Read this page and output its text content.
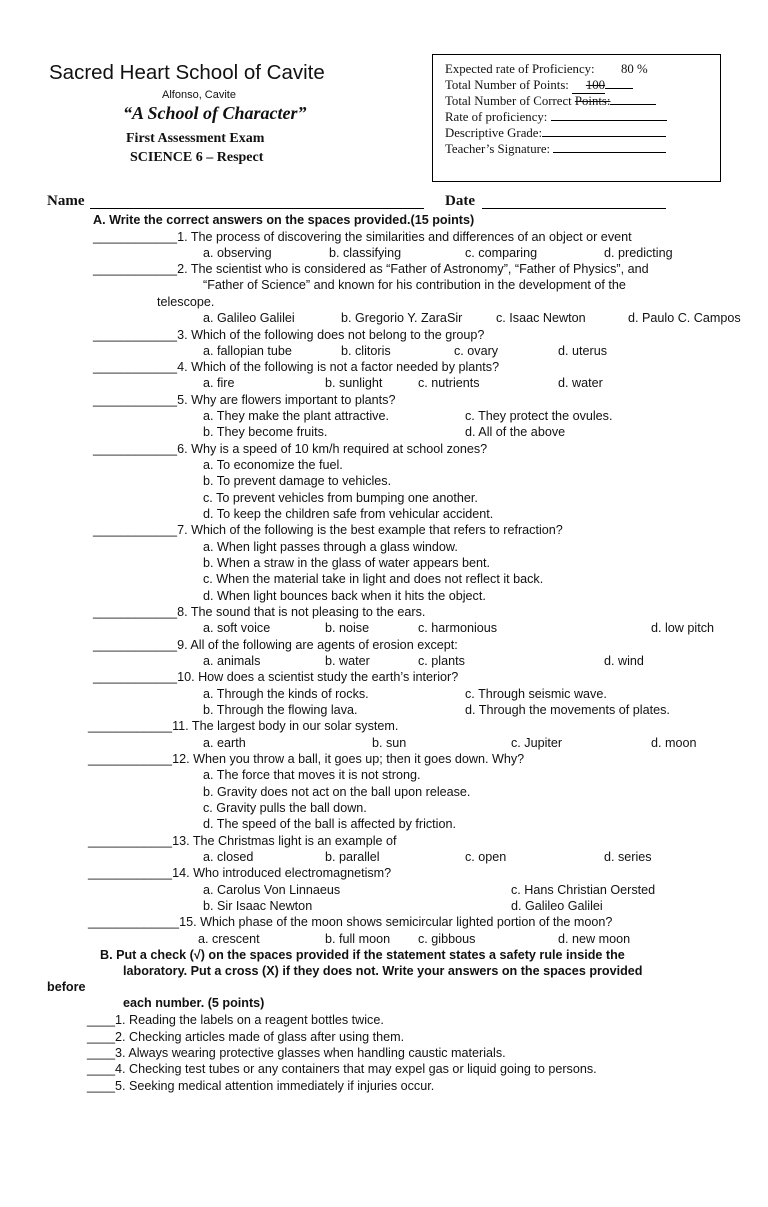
Sacred Heart School of Cavite
Alfonso, Cavite
“A School of Character”
First Assessment Exam
SCIENCE 6 – Respect
Expected rate of Proficiency: 80 %
Total Number of Points: 100
Total Number of Correct Points:
Rate of proficiency:
Descriptive Grade:
Teacher’s Signature:
Name	Date
A. Write the correct answers on the spaces provided.(15 points)
____________1. The process of discovering the similarities and differences of an object or event
a. observing	b. classifying	c. comparing	d. predicting
____________2. The scientist who is considered as “Father of Astronomy”, “Father of Physics”, and
“Father of Science” and known for his contribution in the development of the
telescope.
a. Galileo Galilei	b. Gregorio Y. ZaraSir	c. Isaac Newton	d. Paulo C. Campos
____________3. Which of the following does not belong to the group?
a. fallopian tube	b. clitoris	c. ovary	d. uterus
____________4. Which of the following is not a factor needed by plants?
a. fire	b. sunlight	c. nutrients	d. water
____________5. Why are flowers important to plants?
a. They make the plant attractive.	c. They protect the ovules.
b. They become fruits.	d. All of the above
____________6. Why is a speed of 10 km/h required at school zones?
a. To economize the fuel.
b. To prevent damage to vehicles.
c. To prevent vehicles from bumping one another.
d. To keep the children safe from vehicular accident.
____________7. Which of the following is the best example that refers to refraction?
a. When light passes through a glass window.
b. When a straw in the glass of water appears bent.
c. When the material take in light and does not reflect it back.
d. When light bounces back when it hits the object.
____________8. The sound that is not pleasing to the ears.
a. soft voice	b. noise	c. harmonious	d. low pitch
____________9. All of the following are agents of erosion except:
a. animals	b. water	c. plants	d. wind
____________10. How does a scientist study the earth’s interior?
a. Through the kinds of rocks.	c. Through seismic wave.
b. Through the flowing lava.	d. Through the movements of plates.
____________11. The largest body in our solar system.
a. earth	b. sun	c. Jupiter	d. moon
____________12. When you throw a ball, it goes up; then it goes down. Why?
a. The force that moves it is not strong.
b. Gravity does not act on the ball upon release.
c. Gravity pulls the ball down.
d. The speed of the ball is affected by friction.
____________13. The Christmas light is an example of
a. closed	b. parallel	c. open	d. series
____________14. Who introduced electromagnetism?
a. Carolus Von Linnaeus	c. Hans Christian Oersted
b. Sir Isaac Newton	d. Galileo Galilei
_____________15. Which phase of the moon shows semicircular lighted portion of the moon?
a. crescent	b. full moon c. gibbous	d. new moon
B. Put a check (√) on the spaces provided if the statement states a safety rule inside the
laboratory. Put a cross (X) if they does not. Write your answers on the spaces provided
before
each number. (5 points)
____1. Reading the labels on a reagent bottles twice.
____2. Checking articles made of glass after using them.
____3. Always wearing protective glasses when handling caustic materials.
____4. Checking test tubes or any containers that may expel gas or liquid going to persons.
____5. Seeking medical attention immediately if injuries occur.
